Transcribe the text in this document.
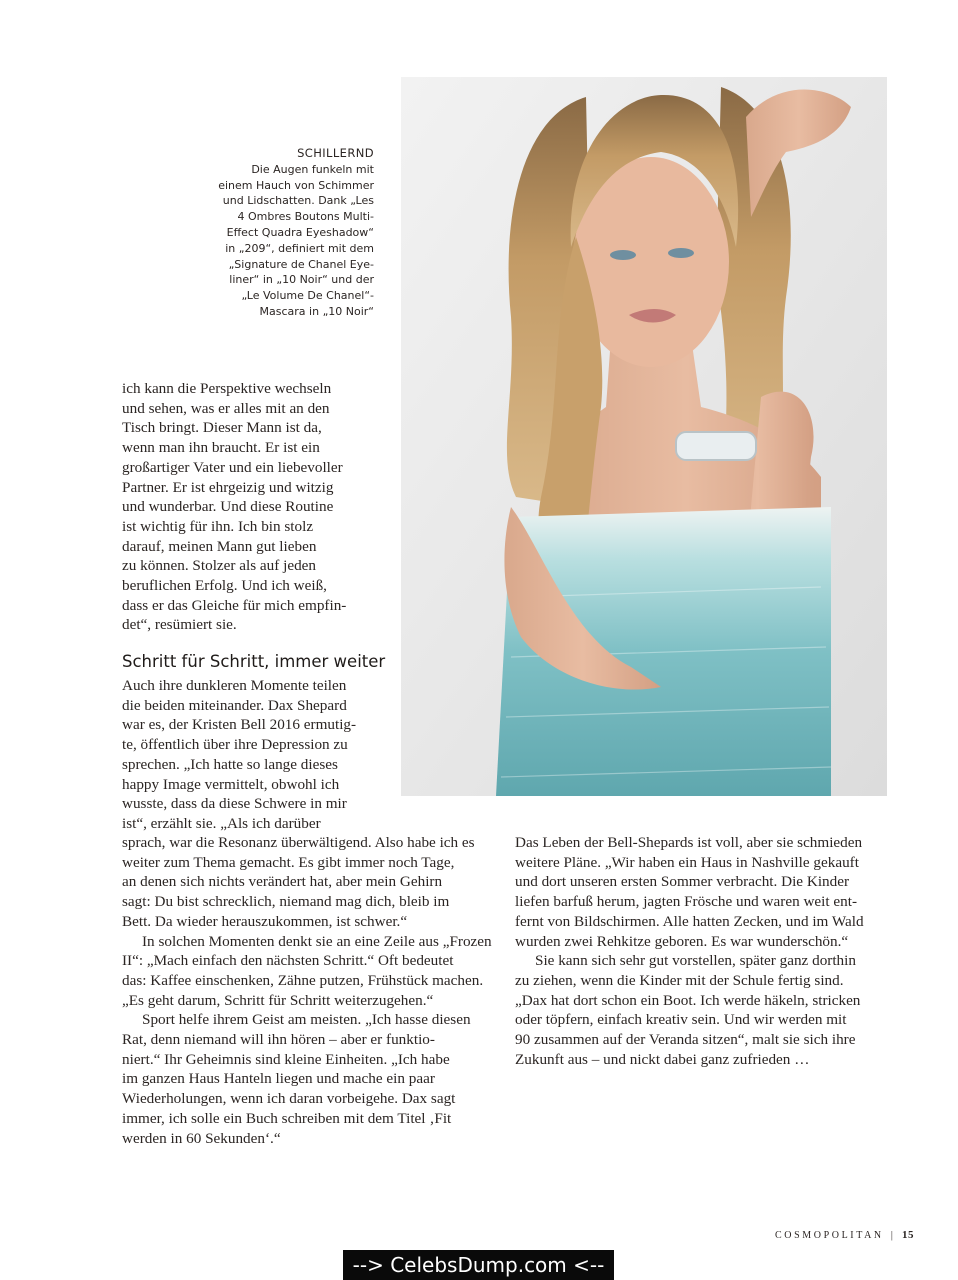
SCHILLERND
Die Augen funkeln mit
einem Hauch von Schimmer
und Lidschatten. Dank „Les
4 Ombres Boutons Multi-
Effect Quadra Eyeshadow“
in „209“, definiert mit dem
„Signature de Chanel Eye-
liner“ in „10 Noir“ und der
„Le Volume De Chanel“-
Mascara in „10 Noir“
ich kann die Perspektive wechseln
und sehen, was er alles mit an den
Tisch bringt. Dieser Mann ist da,
wenn man ihn braucht. Er ist ein
großartiger Vater und ein liebevoller
Partner. Er ist ehrgeizig und witzig
und wunderbar. Und diese Routine
ist wichtig für ihn. Ich bin stolz
darauf, meinen Mann gut lieben
zu können. Stolzer als auf jeden
beruflichen Erfolg. Und ich weiß,
dass er das Gleiche für mich empfin-
det“, resümiert sie.
Schritt für Schritt, immer weiter
Auch ihre dunkleren Momente teilen
die beiden miteinander. Dax Shepard
war es, der Kristen Bell 2016 ermutig-
te, öffentlich über ihre Depression zu
sprechen. „Ich hatte so lange dieses
happy Image vermittelt, obwohl ich
wusste, dass da diese Schwere in mir
ist“, erzählt sie. „Als ich darüber
sprach, war die Resonanz überwältigend. Also habe ich es
weiter zum Thema gemacht. Es gibt immer noch Tage,
an denen sich nichts verändert hat, aber mein Gehirn
sagt: Du bist schrecklich, niemand mag dich, bleib im
Bett. Da wieder herauszukommen, ist schwer.“
In solchen Momenten denkt sie an eine Zeile aus „Frozen
II“: „Mach einfach den nächsten Schritt.“ Oft bedeutet
das: Kaffee einschenken, Zähne putzen, Frühstück machen.
„Es geht darum, Schritt für Schritt weiterzugehen.“
Sport helfe ihrem Geist am meisten. „Ich hasse diesen
Rat, denn niemand will ihn hören – aber er funktio-
niert.“ Ihr Geheimnis sind kleine Einheiten. „Ich habe
im ganzen Haus Hanteln liegen und mache ein paar
Wiederholungen, wenn ich daran vorbeigehe. Dax sagt
immer, ich solle ein Buch schreiben mit dem Titel ‚Fit
werden in 60 Sekunden‘.“
Das Leben der Bell-Shepards ist voll, aber sie schmieden
weitere Pläne. „Wir haben ein Haus in Nashville gekauft
und dort unseren ersten Sommer verbracht. Die Kinder
liefen barfuß herum, jagten Frösche und waren weit ent-
fernt von Bildschirmen. Alle hatten Zecken, und im Wald
wurden zwei Rehkitze geboren. Es war wunderschön.“
Sie kann sich sehr gut vorstellen, später ganz dorthin
zu ziehen, wenn die Kinder mit der Schule fertig sind.
„Dax hat dort schon ein Boot. Ich werde häkeln, stricken
oder töpfern, einfach kreativ sein. Und wir werden mit
90 zusammen auf der Veranda sitzen“, malt sie sich ihre
Zukunft aus – und nickt dabei ganz zufrieden …
COSMOPOLITAN | 15
--> CelebsDump.com <--
